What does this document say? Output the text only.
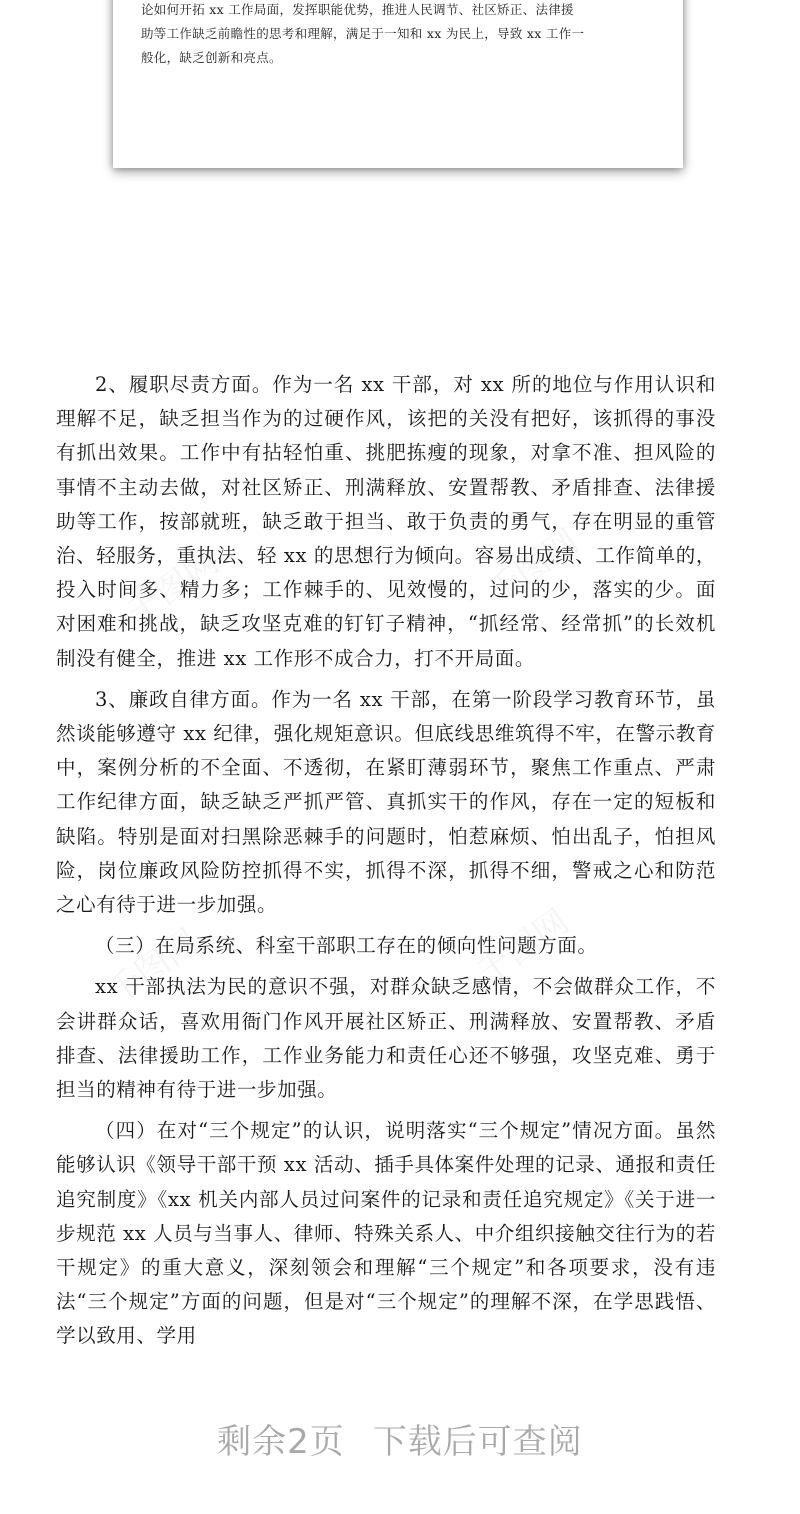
论如何开拓 xx 工作局面，发挥职能优势，推进人民调节、社区矫正、法律援

助等工作缺乏前瞻性的思考和理解，满足于一知和 xx 为民上，导致 xx 工作一

般化，缺乏创新和亮点。

2、履职尽责方面。作为一名 xx 干部，对 xx 所的地位与作用认识和理解不足，缺乏担当作为的过硬作风，该把的关没有把好，该抓得的事没有抓出效果。工作中有拈轻怕重、挑肥拣瘦的现象，对拿不准、担风险的事情不主动去做，对社区矫正、刑满释放、安置帮教、矛盾排查、法律援助等工作，按部就班，缺乏敢于担当、敢于负责的勇气，存在明显的重管治、轻服务，重执法、轻 xx 的思想行为倾向。容易出成绩、工作简单的，投入时间多、精力多；工作棘手的、见效慢的，过问的少，落实的少。面对困难和挑战，缺乏攻坚克难的钉钉子精神，“抓经常、经常抓”的长效机制没有健全，推进 xx 工作形不成合力，打不开局面。

3、廉政自律方面。作为一名 xx 干部，在第一阶段学习教育环节，虽然谈能够遵守 xx 纪律，强化规矩意识。但底线思维筑得不牢，在警示教育中，案例分析的不全面、不透彻，在紧盯薄弱环节，聚焦工作重点、严肃工作纪律方面，缺乏缺乏严抓严管、真抓实干的作风，存在一定的短板和缺陷。特别是面对扫黑除恶棘手的问题时，怕惹麻烦、怕出乱子，怕担风险，岗位廉政风险防控抓得不实，抓得不深，抓得不细，警戒之心和防范之心有待于进一步加强。

（三）在局系统、科室干部职工存在的倾向性问题方面。

xx 干部执法为民的意识不强，对群众缺乏感情，不会做群众工作，不会讲群众话，喜欢用衙门作风开展社区矫正、刑满释放、安置帮教、矛盾排查、法律援助工作，工作业务能力和责任心还不够强，攻坚克难、勇于担当的精神有待于进一步加强。

（四）在对“三个规定”的认识，说明落实“三个规定”情况方面。虽然能够认识《领导干部干预 xx 活动、插手具体案件处理的记录、通报和责任追究制度》《xx 机关内部人员过问案件的记录和责任追究规定》《关于进一步规范 xx 人员与当事人、律师、特殊关系人、中介组织接触交往行为的若干规定》的重大意义，深刻领会和理解“三个规定”和各项要求，没有违法“三个规定”方面的问题，但是对“三个规定”的理解不深，在学思践悟、学以致用、学用

剩余2页 下载后可查阅
